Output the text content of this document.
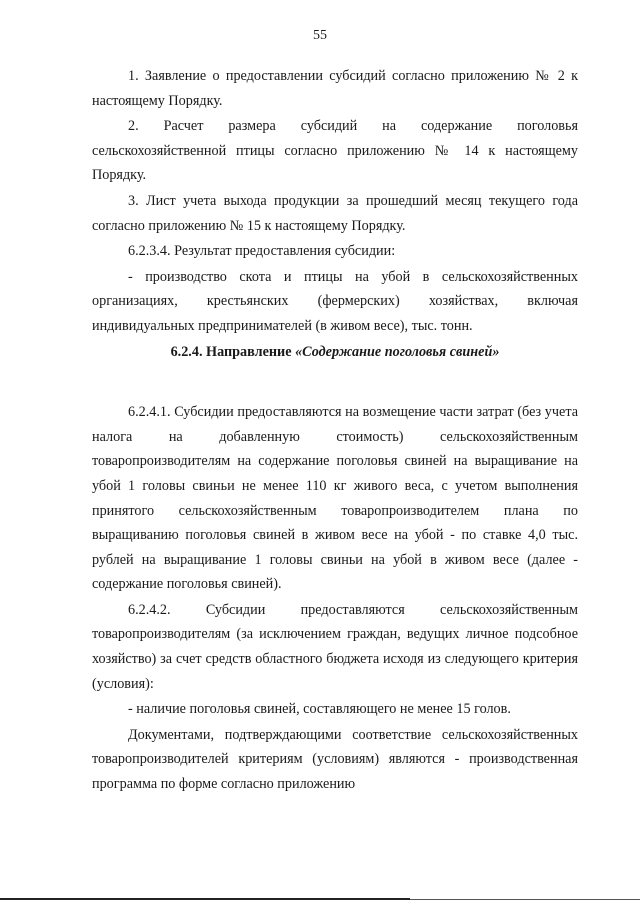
55

1. Заявление о предоставлении субсидий согласно приложению № 2 к настоящему Порядку.

2. Расчет размера субсидий на содержание поголовья сельскохозяйственной птицы согласно приложению № 14 к настоящему Порядку.

3. Лист учета выхода продукции за прошедший месяц текущего года согласно приложению № 15 к настоящему Порядку.

6.2.3.4. Результат предоставления субсидии:

- производство скота и птицы на убой в сельскохозяйственных организациях, крестьянских (фермерских) хозяйствах, включая индивидуальных предпринимателей (в живом весе), тыс. тонн.

6.2.4. Направление «Содержание поголовья свиней»

6.2.4.1. Субсидии предоставляются на возмещение части затрат (без учета налога на добавленную стоимость) сельскохозяйственным товаропроизводителям на содержание поголовья свиней на выращивание на убой 1 головы свиньи не менее 110 кг живого веса, с учетом выполнения принятого сельскохозяйственным товаропроизводителем плана по выращиванию поголовья свиней в живом весе на убой - по ставке 4,0 тыс. рублей на выращивание 1 головы свиньи на убой в живом весе (далее - содержание поголовья свиней).

6.2.4.2. Субсидии предоставляются сельскохозяйственным товаропроизводителям (за исключением граждан, ведущих личное подсобное хозяйство) за счет средств областного бюджета исходя из следующего критерия (условия):

- наличие поголовья свиней, составляющего не менее 15 голов.

Документами, подтверждающими соответствие сельскохозяйственных товаропроизводителей критериям (условиям) являются - производственная программа по форме согласно приложению
